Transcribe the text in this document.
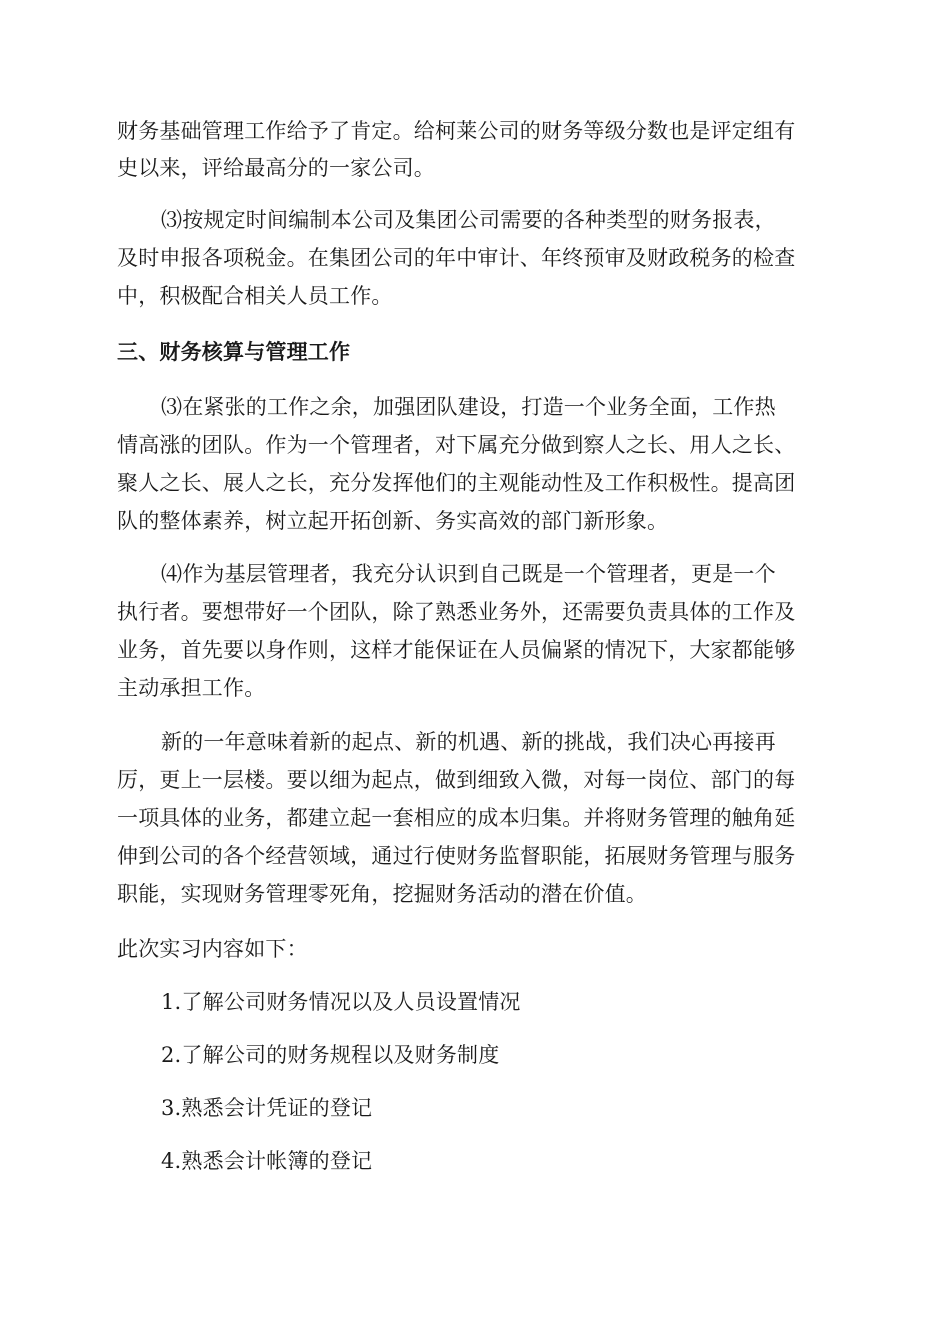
财务基础管理工作给予了肯定。给柯莱公司的财务等级分数也是评定组有
史以来，评给最高分的一家公司。
⑶按规定时间编制本公司及集团公司需要的各种类型的财务报表，
及时申报各项税金。在集团公司的年中审计、年终预审及财政税务的检查
中，积极配合相关人员工作。
三、财务核算与管理工作
⑶在紧张的工作之余，加强团队建设，打造一个业务全面，工作热
情高涨的团队。作为一个管理者，对下属充分做到察人之长、用人之长、
聚人之长、展人之长，充分发挥他们的主观能动性及工作积极性。提高团
队的整体素养，树立起开拓创新、务实高效的部门新形象。
⑷作为基层管理者，我充分认识到自己既是一个管理者，更是一个
执行者。要想带好一个团队，除了熟悉业务外，还需要负责具体的工作及
业务，首先要以身作则，这样才能保证在人员偏紧的情况下，大家都能够
主动承担工作。
新的一年意味着新的起点、新的机遇、新的挑战，我们决心再接再
厉，更上一层楼。要以细为起点，做到细致入微，对每一岗位、部门的每
一项具体的业务，都建立起一套相应的成本归集。并将财务管理的触角延
伸到公司的各个经营领域，通过行使财务监督职能，拓展财务管理与服务
职能，实现财务管理零死角，挖掘财务活动的潜在价值。
此次实习内容如下：
1.了解公司财务情况以及人员设置情况
2.了解公司的财务规程以及财务制度
3.熟悉会计凭证的登记
4.熟悉会计帐簿的登记
